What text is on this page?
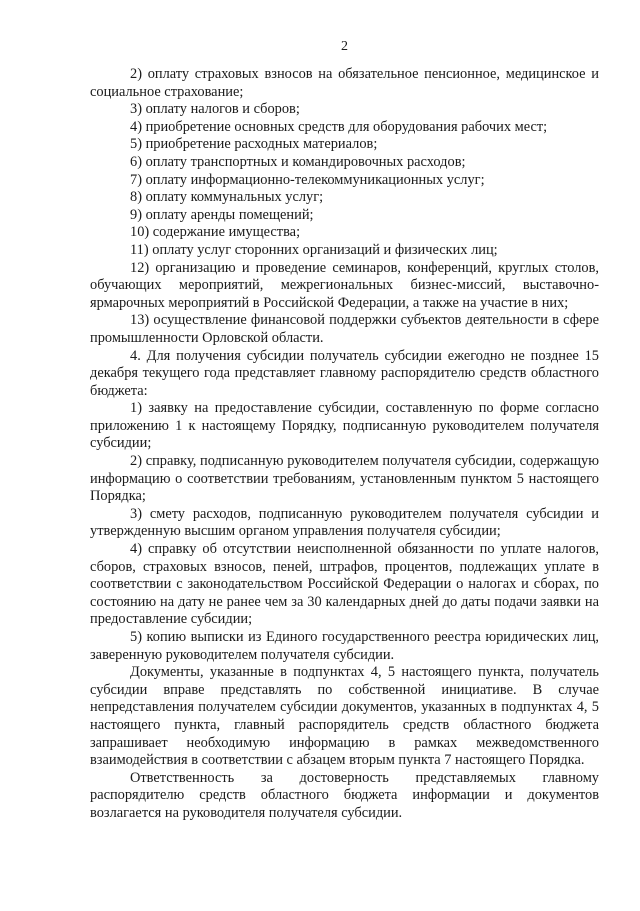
2

2) оплату страховых взносов на обязательное пенсионное, медицинское и социальное страхование;

3) оплату налогов и сборов;

4) приобретение основных средств для оборудования рабочих мест;

5) приобретение расходных материалов;

6) оплату транспортных и командировочных расходов;

7) оплату информационно-телекоммуникационных услуг;

8) оплату коммунальных услуг;

9) оплату аренды помещений;

10) содержание имущества;

11) оплату услуг сторонних организаций и физических лиц;

12) организацию и проведение семинаров, конференций, круглых столов, обучающих мероприятий, межрегиональных бизнес-миссий, выставочно-ярмарочных мероприятий в Российской Федерации, а также на участие в них;

13) осуществление финансовой поддержки субъектов деятельности в сфере промышленности Орловской области.

4. Для получения субсидии получатель субсидии ежегодно не позднее 15 декабря текущего года представляет главному распорядителю средств областного бюджета:

1) заявку на предоставление субсидии, составленную по форме согласно приложению 1 к настоящему Порядку, подписанную руководителем получателя субсидии;

2) справку, подписанную руководителем получателя субсидии, содержащую информацию о соответствии требованиям, установленным пунктом 5 настоящего Порядка;

3) смету расходов, подписанную руководителем получателя субсидии и утвержденную высшим органом управления получателя субсидии;

4) справку об отсутствии неисполненной обязанности по уплате налогов, сборов, страховых взносов, пеней, штрафов, процентов, подлежащих уплате в соответствии с законодательством Российской Федерации о налогах и сборах, по состоянию на дату не ранее чем за 30 календарных дней до даты подачи заявки на предоставление субсидии;

5) копию выписки из Единого государственного реестра юридических лиц, заверенную руководителем получателя субсидии.

Документы, указанные в подпунктах 4, 5 настоящего пункта, получатель субсидии вправе представлять по собственной инициативе. В случае непредставления получателем субсидии документов, указанных в подпунктах 4, 5 настоящего пункта, главный распорядитель средств областного бюджета запрашивает необходимую информацию в рамках межведомственного взаимодействия в соответствии с абзацем вторым пункта 7 настоящего Порядка.

Ответственность за достоверность представляемых главному распорядителю средств областного бюджета информации и документов возлагается на руководителя получателя субсидии.
